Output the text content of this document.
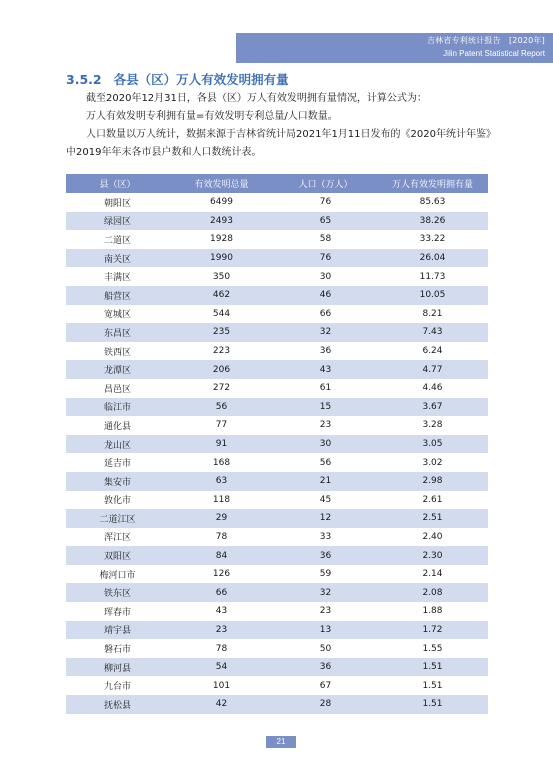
吉林省专利统计报告　[2020年]
Jilin Patent Statistical Report
3.5.2 各县（区）万人有效发明拥有量
截至2020年12月31日，各县（区）万人有效发明拥有量情况，计算公式为：
万人有效发明专利拥有量=有效发明专利总量/人口数量。
人口数量以万人统计，数据来源于吉林省统计局2021年1月11日发布的《2020年统计年鉴》中2019年年末各市县户数和人口数统计表。
县（区）	有效发明总量	人口（万人）	万人有效发明拥有量
朝阳区	6499	76	85.63
绿园区	2493	65	38.26
二道区	1928	58	33.22
南关区	1990	76	26.04
丰满区	350	30	11.73
船营区	462	46	10.05
宽城区	544	66	8.21
东昌区	235	32	7.43
铁西区	223	36	6.24
龙潭区	206	43	4.77
昌邑区	272	61	4.46
临江市	56	15	3.67
通化县	77	23	3.28
龙山区	91	30	3.05
延吉市	168	56	3.02
集安市	63	21	2.98
敦化市	118	45	2.61
二道江区	29	12	2.51
浑江区	78	33	2.40
双阳区	84	36	2.30
梅河口市	126	59	2.14
铁东区	66	32	2.08
珲春市	43	23	1.88
靖宇县	23	13	1.72
磐石市	78	50	1.55
柳河县	54	36	1.51
九台市	101	67	1.51
抚松县	42	28	1.51
21
